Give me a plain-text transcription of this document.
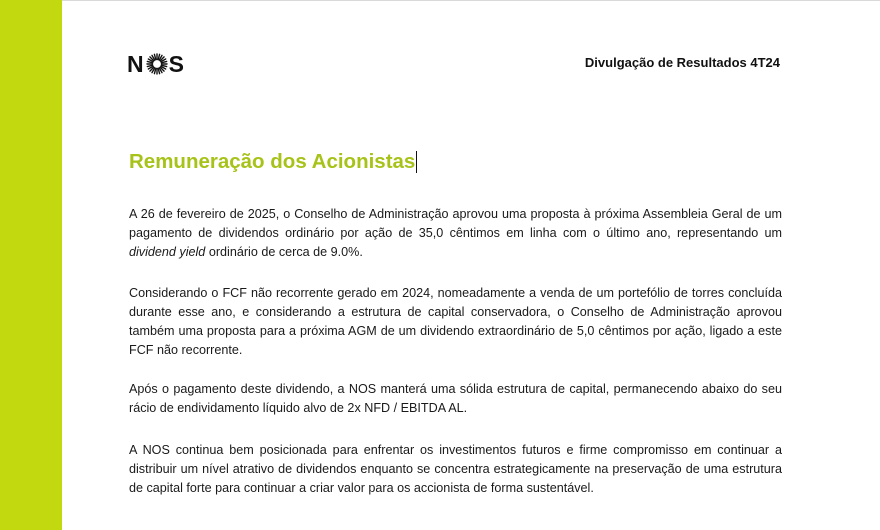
N S	Divulgação de Resultados 4T24
Remuneração dos Acionistas

A 26 de fevereiro de 2025, o Conselho de Administração aprovou uma proposta à próxima Assembleia Geral de um pagamento de dividendos ordinário por ação de 35,0 cêntimos em linha com o último ano, representando um dividend yield ordinário de cerca de 9.0%.

Considerando o FCF não recorrente gerado em 2024, nomeadamente a venda de um portefólio de torres concluída durante esse ano, e considerando a estrutura de capital conservadora, o Conselho de Administração aprovou também uma proposta para a próxima AGM de um dividendo extraordinário de 5,0 cêntimos por ação, ligado a este FCF não recorrente.

Após o pagamento deste dividendo, a NOS manterá uma sólida estrutura de capital, permanecendo abaixo do seu rácio de endividamento líquido alvo de 2x NFD / EBITDA AL.

A NOS continua bem posicionada para enfrentar os investimentos futuros e firme compromisso em continuar a distribuir um nível atrativo de dividendos enquanto se concentra estrategicamente na preservação de uma estrutura de capital forte para continuar a criar valor para os accionista de forma sustentável.
